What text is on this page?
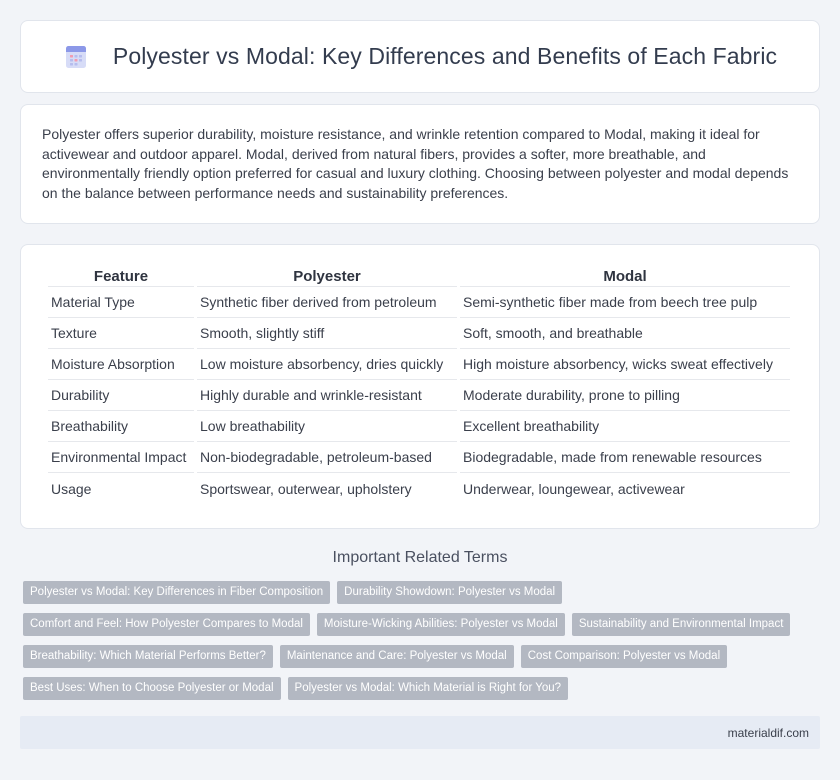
Polyester vs Modal: Key Differences and Benefits of Each Fabric

Polyester offers superior durability, moisture resistance, and wrinkle retention compared to Modal, making it ideal for activewear and outdoor apparel. Modal, derived from natural fibers, provides a softer, more breathable, and environmentally friendly option preferred for casual and luxury clothing. Choosing between polyester and modal depends on the balance between performance needs and sustainability preferences.

Feature	Polyester	Modal
Material Type	Synthetic fiber derived from petroleum	Semi-synthetic fiber made from beech tree pulp
Texture	Smooth, slightly stiff	Soft, smooth, and breathable
Moisture Absorption	Low moisture absorbency, dries quickly	High moisture absorbency, wicks sweat effectively
Durability	Highly durable and wrinkle-resistant	Moderate durability, prone to pilling
Breathability	Low breathability	Excellent breathability
Environmental Impact	Non-biodegradable, petroleum-based	Biodegradable, made from renewable resources
Usage	Sportswear, outerwear, upholstery	Underwear, loungewear, activewear
Important Related Terms
Polyester vs Modal: Key Differences in Fiber Composition	Durability Showdown: Polyester vs Modal
Comfort and Feel: How Polyester Compares to Modal	Moisture-Wicking Abilities: Polyester vs Modal	Sustainability and Environmental Impact
Breathability: Which Material Performs Better?	Maintenance and Care: Polyester vs Modal	Cost Comparison: Polyester vs Modal
Best Uses: When to Choose Polyester or Modal	Polyester vs Modal: Which Material is Right for You?
materialdif.com
